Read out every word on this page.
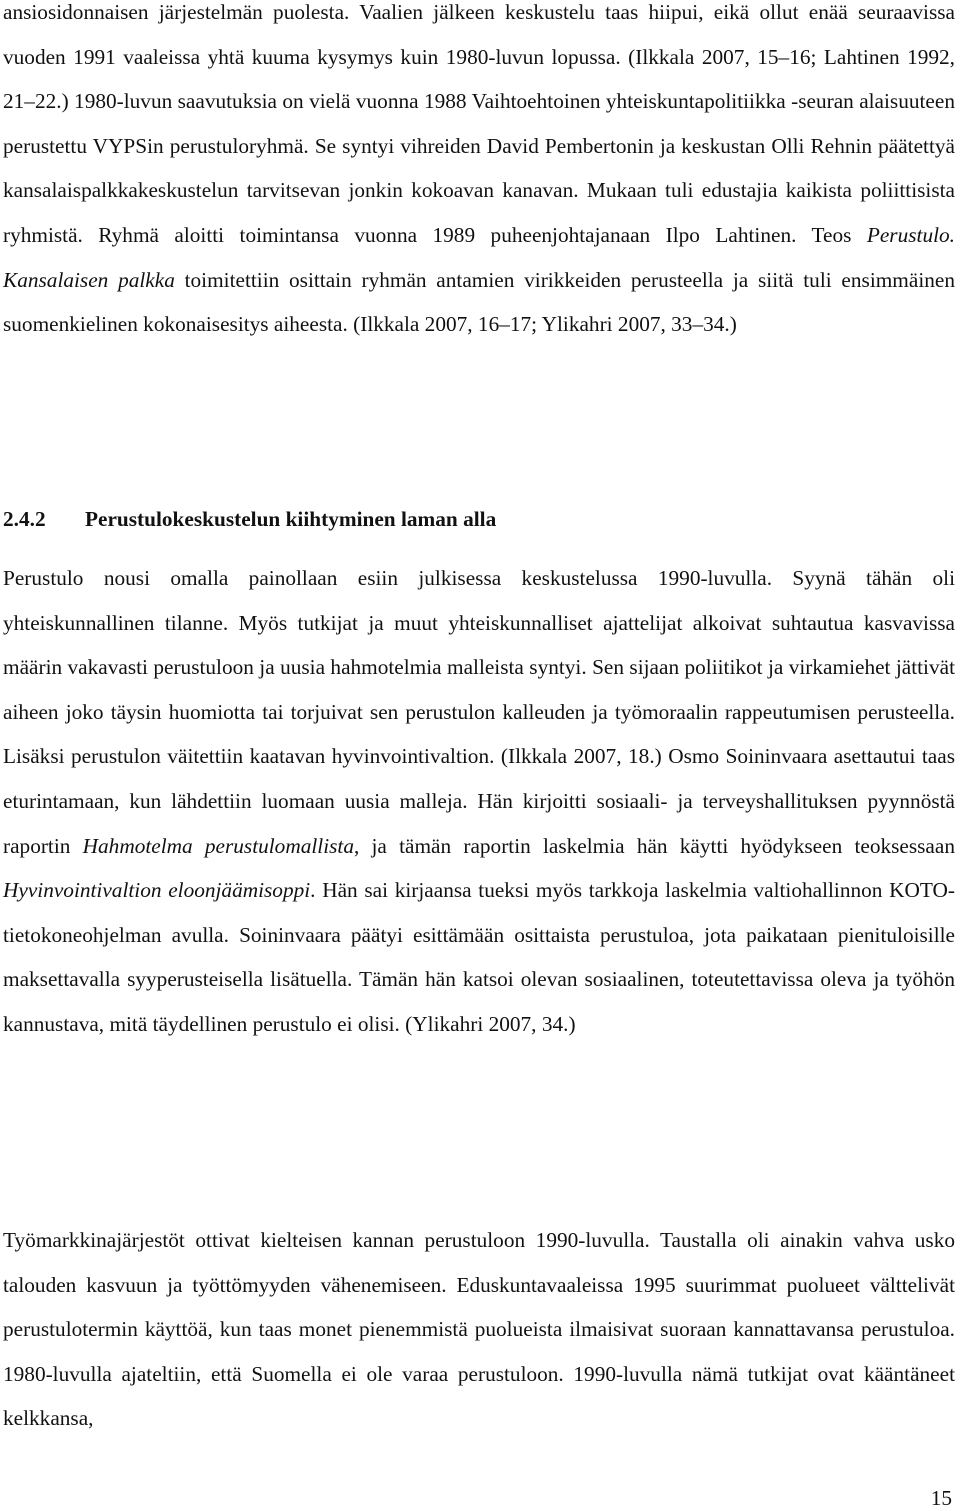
ansiosidonnaisen järjestelmän puolesta. Vaalien jälkeen keskustelu taas hiipui, eikä ollut enää seuraavissa vuoden 1991 vaaleissa yhtä kuuma kysymys kuin 1980-luvun lopussa. (Ilkkala 2007, 15–16; Lahtinen 1992, 21–22.) 1980-luvun saavutuksia on vielä vuonna 1988 Vaihtoehtoinen yhteiskuntapolitiikka -seuran alaisuuteen perustettu VYPSin perustuloryhmä. Se syntyi vihreiden David Pembertonin ja keskustan Olli Rehnin päätettyä kansalaispalkkakeskustelun tarvitsevan jonkin kokoavan kanavan. Mukaan tuli edustajia kaikista poliittisista ryhmistä. Ryhmä aloitti toimintansa vuonna 1989 puheenjohtajanaan Ilpo Lahtinen. Teos Perustulo. Kansalaisen palkka toimitettiin osittain ryhmän antamien virikkeiden perusteella ja siitä tuli ensimmäinen suomenkielinen kokonaisesitys aiheesta. (Ilkkala 2007, 16–17; Ylikahri 2007, 33–34.)

2.4.2 Perustulokeskustelun kiihtyminen laman alla

Perustulo nousi omalla painollaan esiin julkisessa keskustelussa 1990-luvulla. Syynä tähän oli yhteiskunnallinen tilanne. Myös tutkijat ja muut yhteiskunnalliset ajattelijat alkoivat suhtautua kasvavissa määrin vakavasti perustuloon ja uusia hahmotelmia malleista syntyi. Sen sijaan poliitikot ja virkamiehet jättivät aiheen joko täysin huomiotta tai torjuivat sen perustulon kalleuden ja työmoraalin rappeutumisen perusteella. Lisäksi perustulon väitettiin kaatavan hyvinvointivaltion. (Ilkkala 2007, 18.) Osmo Soininvaara asettautui taas eturintamaan, kun lähdettiin luomaan uusia malleja. Hän kirjoitti sosiaali- ja terveyshallituksen pyynnöstä raportin Hahmotelma perustulomallista, ja tämän raportin laskelmia hän käytti hyödykseen teoksessaan Hyvinvointivaltion eloonjäämisoppi. Hän sai kirjaansa tueksi myös tarkkoja laskelmia valtiohallinnon KOTO-tietokoneohjelman avulla. Soininvaara päätyi esittämään osittaista perustuloa, jota paikataan pienituloisille maksettavalla syyperusteisella lisätuella. Tämän hän katsoi olevan sosiaalinen, toteutettavissa oleva ja työhön kannustava, mitä täydellinen perustulo ei olisi. (Ylikahri 2007, 34.)

Työmarkkinajärjestöt ottivat kielteisen kannan perustuloon 1990-luvulla. Taustalla oli ainakin vahva usko talouden kasvuun ja työttömyyden vähenemiseen. Eduskuntavaaleissa 1995 suurimmat puolueet välttelivät perustulotermin käyttöä, kun taas monet pienemmistä puolueista ilmaisivat suoraan kannattavansa perustuloa. 1980-luvulla ajateltiin, että Suomella ei ole varaa perustuloon. 1990-luvulla nämä tutkijat ovat kääntäneet kelkkansa,

15
